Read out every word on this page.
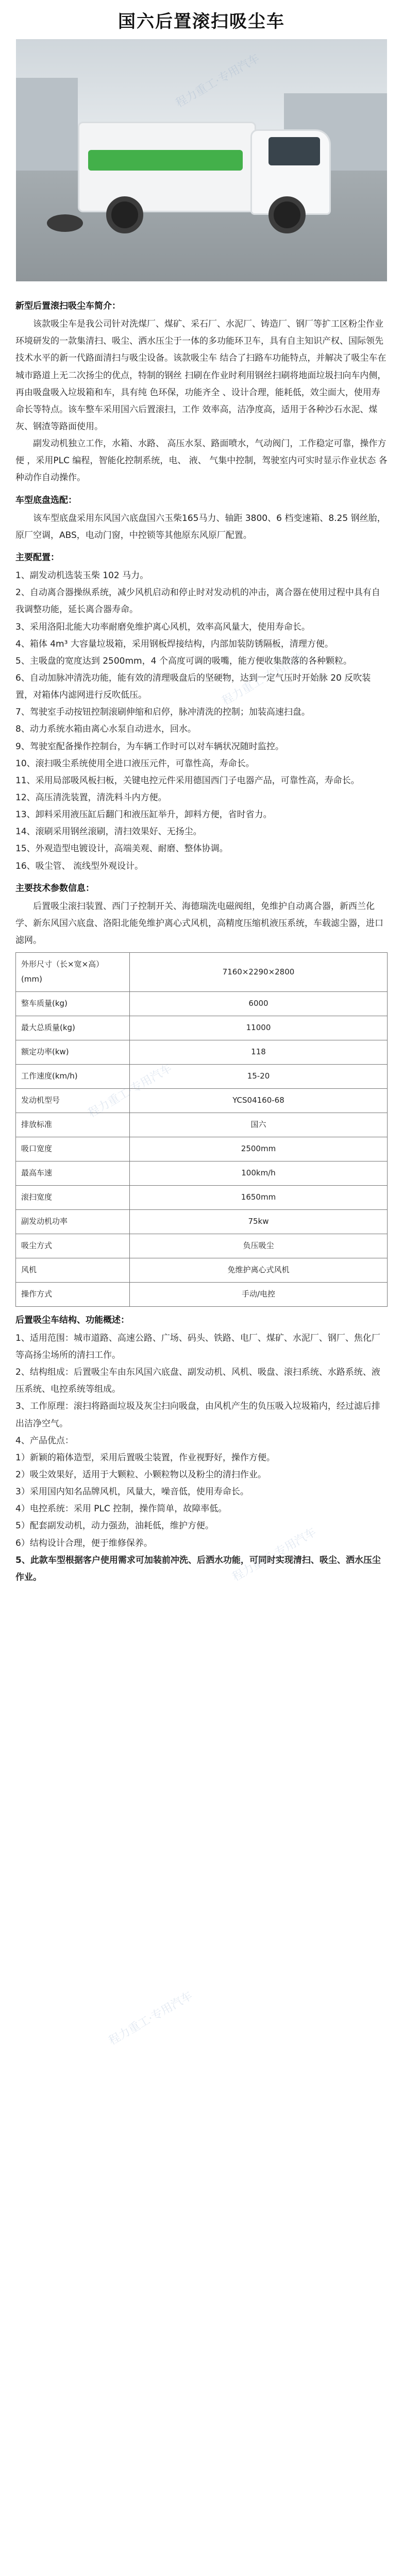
国六后置滚扫吸尘车
新型后置滚扫吸尘车简介：

该款吸尘车是我公司针对洗煤厂、煤矿、采石厂、水泥厂、铸造厂、钢厂等扩工区粉尘作业环境研发的一款集清扫、吸尘、洒水压尘于一体的多功能环卫车，具有自主知识产权、国际领先技术水平的新一代路面清扫与吸尘设备。该款吸尘车 结合了扫路车功能特点，并解决了吸尘车在城市路道上无二次扬尘的优点，特制的钢丝 扫刷在作业时利用钢丝扫刷将地面垃圾扫向车内侧，再由吸盘吸入垃圾箱和车，具有纯 色环保，功能齐全 、设计合理，能耗低，效尘面大，使用寿命长等特点。该车整车采用国六后置滚扫，工作 效率高，洁净度高，适用于各种沙石水泥、煤灰、钢渣等路面使用。

副发动机独立工作，水箱、水路、 高压水泵、路面喷水，气动阀门，工作稳定可靠，操作方便 ，采用PLC 编程，智能化控制系统，电、 液、 气集中控制，驾驶室内可实时显示作业状态 各种动作自动操作。

车型底盘选配：

该车型底盘采用东风国六底盘国六玉柴165马力、轴距 3800、6 档变速箱、8.25 钢丝胎，原厂空调，ABS，电动门窗，中控锁等其他原东风原厂配置。

主要配置：

1、副发动机选装玉柴 102 马力。

2、自动离合器操纵系统，减少风机启动和停止时对发动机的冲击，离合器在使用过程中具有自我调整功能，延长离合器寿命。

3、采用洛阳北能大功率耐磨免维护离心风机，效率高风量大，使用寿命长。

4、箱体 4m³ 大容量垃圾箱，采用钢板焊接结构，内部加装防锈隔板，清理方便。

5、主吸盘的宽度达到 2500mm，4 个高度可调的吸嘴，能方便收集散落的各种颗粒。

6、自动加脉冲清洗功能，能有效的清理吸盘后的坚硬物，达到一定气压时开始脉 20 反吹装置，对箱体内滤网进行反吹低压。

7、驾驶室手动按钮控制滚刷伸缩和启停，脉冲清洗的控制；加装高速扫盘。

8、动力系统水箱由离心水泵自动进水，回水。

9、驾驶室配备操作控制台，为车辆工作时可以对车辆状况随时监控。

10、滚扫吸尘系统使用全进口液压元件，可靠性高，寿命长。

11、采用局部吸风板扫板，关键电控元件采用德国西门子电器产品，可靠性高，寿命长。

12、高压清洗装置，清洗料斗内方便。

13、卸料采用液压缸后翻门和液压缸举升，卸料方便，省时省力。

14、滚刷采用钢丝滚刷，清扫效果好、无扬尘。

15、外观造型电镀设计，高端美观、耐磨、整体协调。

16、吸尘管、 流线型外观设计。

主要技术参数信息：

后置吸尘滚扫装置、西门子控制开关、海德瑞洗电磁阀组，免维护自动离合器，新西兰化学、新东风国六底盘、洛阳北能免维护离心式风机，高精度压缩机液压系统，车载滤尘器，进口滤网。

外形尺寸（长×宽×高）(mm)	7160×2290×2800
整车质量(kg)	6000
最大总质量(kg)	11000
额定功率(kw)	118
工作速度(km/h)	15-20
发动机型号	YCS04160-68
排放标准	国六
吸口宽度	2500mm
最高车速	100km/h
滚扫宽度	1650mm
副发动机功率	75kw
吸尘方式	负压吸尘
风机	免维护离心式风机
操作方式	手动/电控
后置吸尘车结构、功能概述：

1、适用范围：城市道路、高速公路、广场、码头、铁路、电厂、煤矿、水泥厂、钢厂、焦化厂等高扬尘场所的清扫工作。

2、结构组成：后置吸尘车由东风国六底盘、副发动机、风机、吸盘、滚扫系统、水路系统、液压系统、电控系统等组成。

3、工作原理：滚扫将路面垃圾及灰尘扫向吸盘，由风机产生的负压吸入垃圾箱内，经过滤后排出洁净空气。

4、产品优点：

1）新颖的箱体造型，采用后置吸尘装置，作业视野好，操作方便。

2）吸尘效果好，适用于大颗粒、小颗粒物以及粉尘的清扫作业。

3）采用国内知名品牌风机，风量大，噪音低，使用寿命长。

4）电控系统：采用 PLC 控制，操作简单，故障率低。

5）配套副发动机，动力强劲，油耗低，维护方便。

6）结构设计合理，便于维修保养。

5、此款车型根据客户使用需求可加装前冲洗、后洒水功能，可同时实现清扫、吸尘、洒水压尘作业。

程力重工·专用汽车
程力重工·专用汽车
程力重工·专用汽车
程力重工·专用汽车
程力重工·专用汽车
